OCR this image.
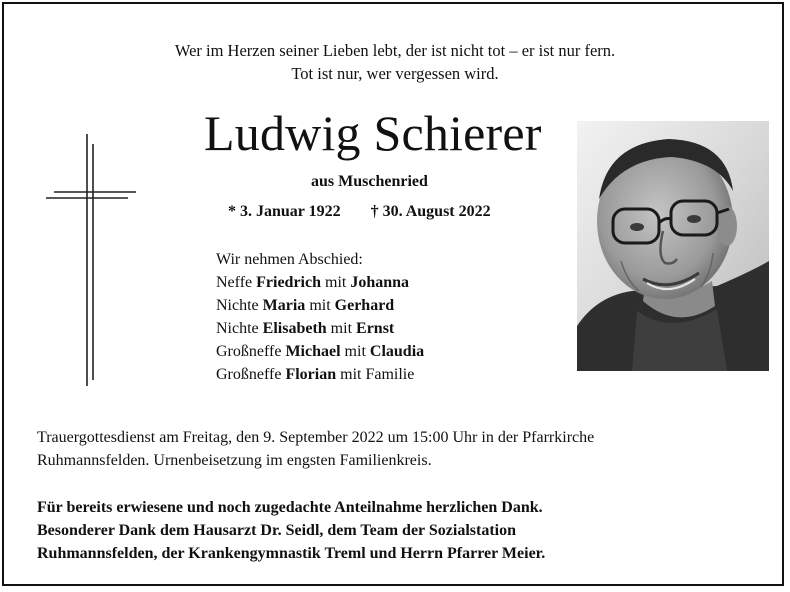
Wer im Herzen seiner Lieben lebt, der ist nicht tot – er ist nur fern.
Tot ist nur, wer vergessen wird.
Ludwig Schierer
aus Muschenried
* 3. Januar 1922 † 30. August 2022
Wir nehmen Abschied:
Neffe Friedrich mit Johanna
Nichte Maria mit Gerhard
Nichte Elisabeth mit Ernst
Großneffe Michael mit Claudia
Großneffe Florian mit Familie
Trauergottesdienst am Freitag, den 9. September 2022 um 15:00 Uhr in der Pfarrkirche
Ruhmannsfelden. Urnenbeisetzung im engsten Familienkreis.
Für bereits erwiesene und noch zugedachte Anteilnahme herzlichen Dank.
Besonderer Dank dem Hausarzt Dr. Seidl, dem Team der Sozialstation
Ruhmannsfelden, der Krankengymnastik Treml und Herrn Pfarrer Meier.
